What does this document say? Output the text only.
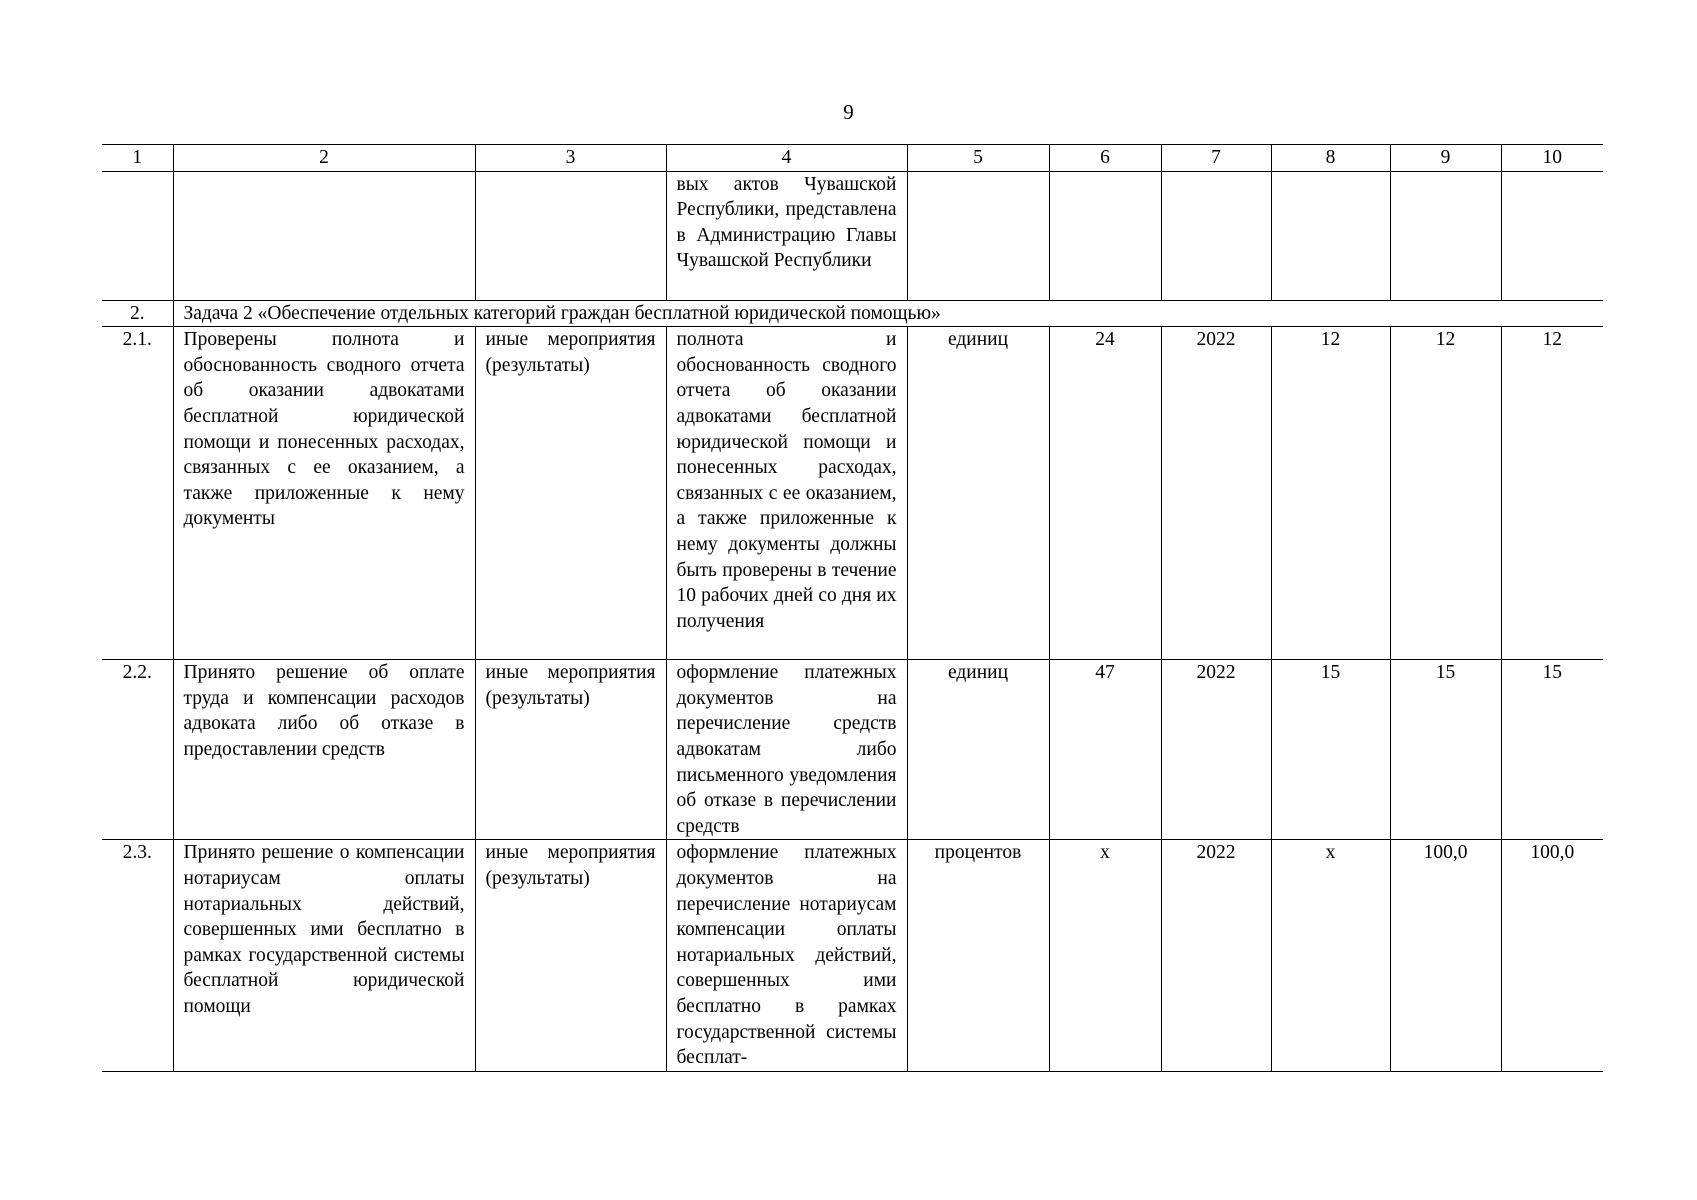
9
1	2	3	4	5	6	7	8	9	10
			вых актов Чувашской Республики, представлена в Администрацию Главы Чувашской Республики						
2.	Задача 2 «Обеспечение отдельных категорий граждан бесплатной юридической помощью»								
2.1.	Проверены полнота и обоснованность сводного отчета об оказании адвокатами бесплатной юридической помощи и понесенных расходах, связанных с ее оказанием, а также приложенные к нему документы	иные мероприятия (результаты)	полнота и обоснованность сводного отчета об оказании адвокатами бесплатной юридической помощи и понесенных расходах, связанных с ее оказанием, а также приложенные к нему документы должны быть проверены в течение 10 рабочих дней со дня их получения	единиц	24	2022	12	12	12
2.2.	Принято решение об оплате труда и компенсации расходов адвоката либо об отказе в предоставлении средств	иные мероприятия (результаты)	оформление платежных документов на перечисление средств адвокатам либо письменного уведомления об отказе в перечислении средств	единиц	47	2022	15	15	15
2.3.	Принято решение о компенсации нотариусам оплаты нотариальных действий, совершенных ими бесплатно в рамках государственной системы бесплатной юридической помощи	иные мероприятия (результаты)	оформление платежных документов на перечисление нотариусам компенсации оплаты нотариальных действий, совершенных ими бесплатно в рамках государственной системы бесплат-	процентов	х	2022	х	100,0	100,0
